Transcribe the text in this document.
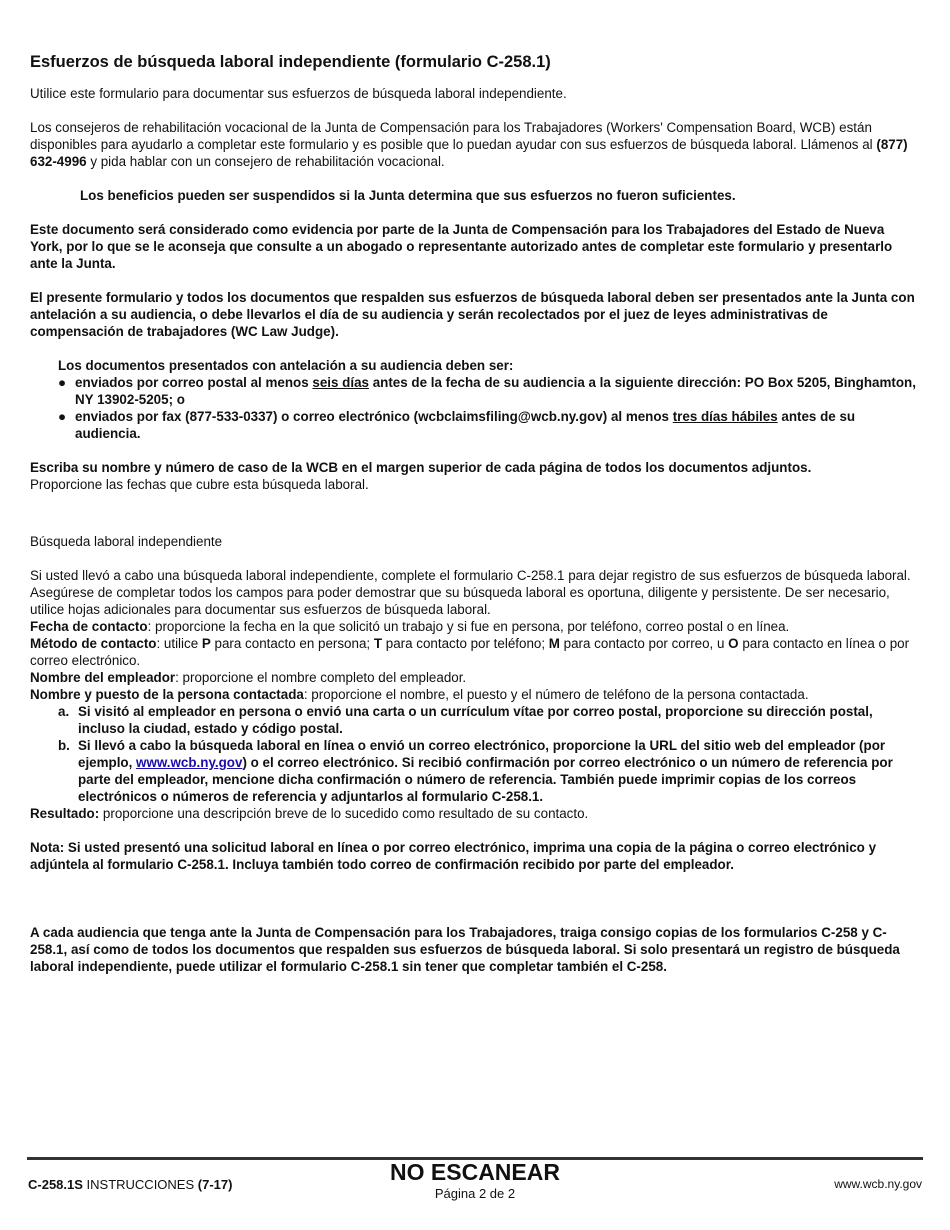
Esfuerzos de búsqueda laboral independiente (formulario C-258.1)

Utilice este formulario para documentar sus esfuerzos de búsqueda laboral independiente.

Los consejeros de rehabilitación vocacional de la Junta de Compensación para los Trabajadores (Workers' Compensation Board, WCB) están disponibles para ayudarlo a completar este formulario y es posible que lo puedan ayudar con sus esfuerzos de búsqueda laboral. Llámenos al (877) 632-4996 y pida hablar con un consejero de rehabilitación vocacional.

Los beneficios pueden ser suspendidos si la Junta determina que sus esfuerzos no fueron suficientes.

Este documento será considerado como evidencia por parte de la Junta de Compensación para los Trabajadores del Estado de Nueva York, por lo que se le aconseja que consulte a un abogado o representante autorizado antes de completar este formulario y presentarlo ante la Junta.

El presente formulario y todos los documentos que respalden sus esfuerzos de búsqueda laboral deben ser presentados ante la Junta con antelación a su audiencia, o debe llevarlos el día de su audiencia y serán recolectados por el juez de leyes administrativas de compensación de trabajadores (WC Law Judge).

Los documentos presentados con antelación a su audiencia deben ser:

● enviados por correo postal al menos seis días antes de la fecha de su audiencia a la siguiente dirección: PO Box 5205, Binghamton, NY 13902-5205; o
● enviados por fax (877-533-0337) o correo electrónico (wcbclaimsfiling@wcb.ny.gov) al menos tres días hábiles antes de su audiencia.

Escriba su nombre y número de caso de la WCB en el margen superior de cada página de todos los documentos adjuntos.

Proporcione las fechas que cubre esta búsqueda laboral.

Búsqueda laboral independiente

Si usted llevó a cabo una búsqueda laboral independiente, complete el formulario C-258.1 para dejar registro de sus esfuerzos de búsqueda laboral. Asegúrese de completar todos los campos para poder demostrar que su búsqueda laboral es oportuna, diligente y persistente. De ser necesario, utilice hojas adicionales para documentar sus esfuerzos de búsqueda laboral.

Fecha de contacto: proporcione la fecha en la que solicitó un trabajo y si fue en persona, por teléfono, correo postal o en línea.

Método de contacto: utilice P para contacto en persona; T para contacto por teléfono; M para contacto por correo, u O para contacto en línea o por correo electrónico.

Nombre del empleador: proporcione el nombre completo del empleador.

Nombre y puesto de la persona contactada: proporcione el nombre, el puesto y el número de teléfono de la persona contactada.

a. Si visitó al empleador en persona o envió una carta o un currículum vítae por correo postal, proporcione su dirección postal, incluso la ciudad, estado y código postal.
b. Si llevó a cabo la búsqueda laboral en línea o envió un correo electrónico, proporcione la URL del sitio web del empleador (por ejemplo, www.wcb.ny.gov) o el correo electrónico. Si recibió confirmación por correo electrónico o un número de referencia por parte del empleador, mencione dicha confirmación o número de referencia. También puede imprimir copias de los correos electrónicos o números de referencia y adjuntarlos al formulario C-258.1.

Resultado: proporcione una descripción breve de lo sucedido como resultado de su contacto.

Nota: Si usted presentó una solicitud laboral en línea o por correo electrónico, imprima una copia de la página o correo electrónico y adjúntela al formulario C-258.1. Incluya también todo correo de confirmación recibido por parte del empleador.

A cada audiencia que tenga ante la Junta de Compensación para los Trabajadores, traiga consigo copias de los formularios C-258 y C-258.1, así como de todos los documentos que respalden sus esfuerzos de búsqueda laboral. Si solo presentará un registro de búsqueda laboral independiente, puede utilizar el formulario C-258.1 sin tener que completar también el C-258.

C-258.1S INSTRUCCIONES (7-17)	NO ESCANEAR
Página 2 de 2
www.wcb.ny.gov
